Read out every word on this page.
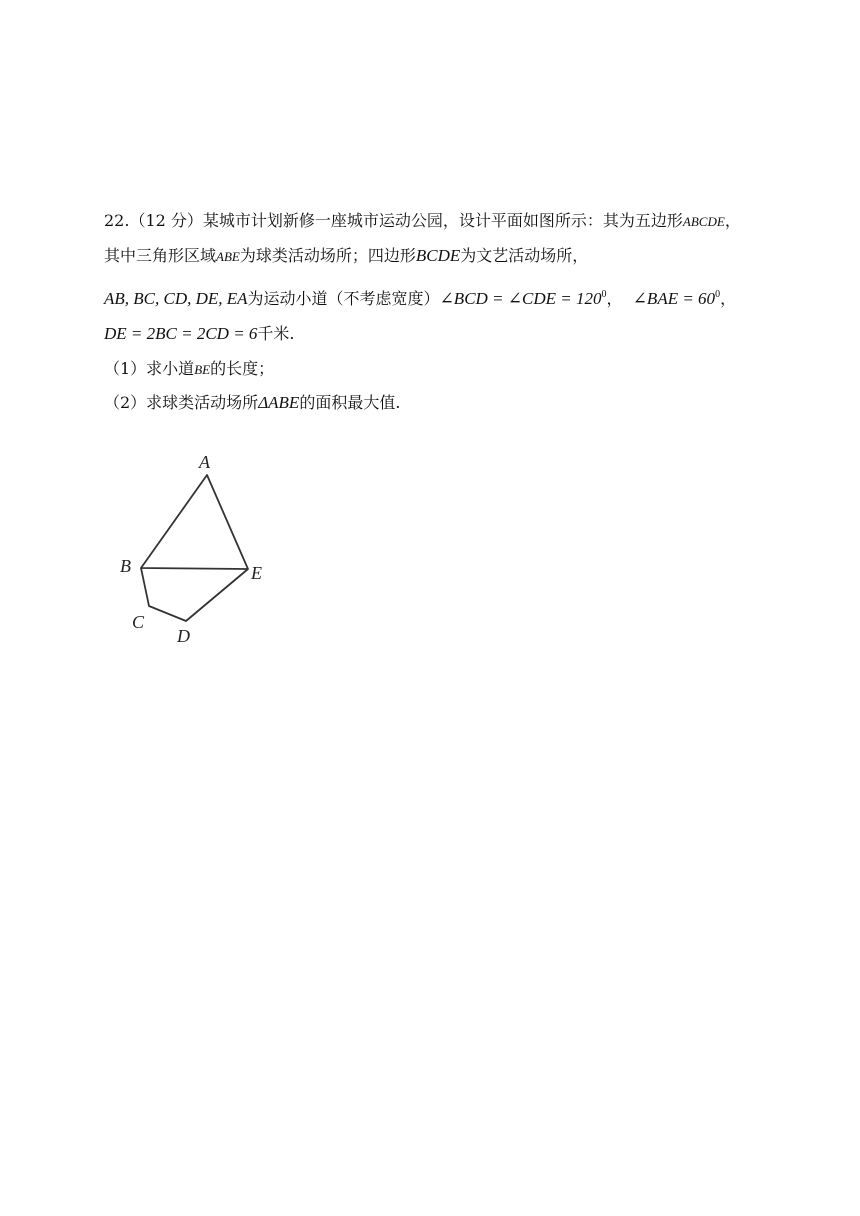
22.（12 分）某城市计划新修一座城市运动公园，设计平面如图所示：其为五边形ABCDE，
其中三角形区域ABE为球类活动场所；四边形BCDE为文艺活动场所，
AB, BC, CD, DE, EA为运动小道（不考虑宽度）∠BCD = ∠CDE = $120^0$， ∠BAE = $60^0$，
DE = 2BC = 2CD = 6千米.
（1）求小道BE的长度；
（2）求球类活动场所ΔABE的面积最大值.
A
B
C
D
E
